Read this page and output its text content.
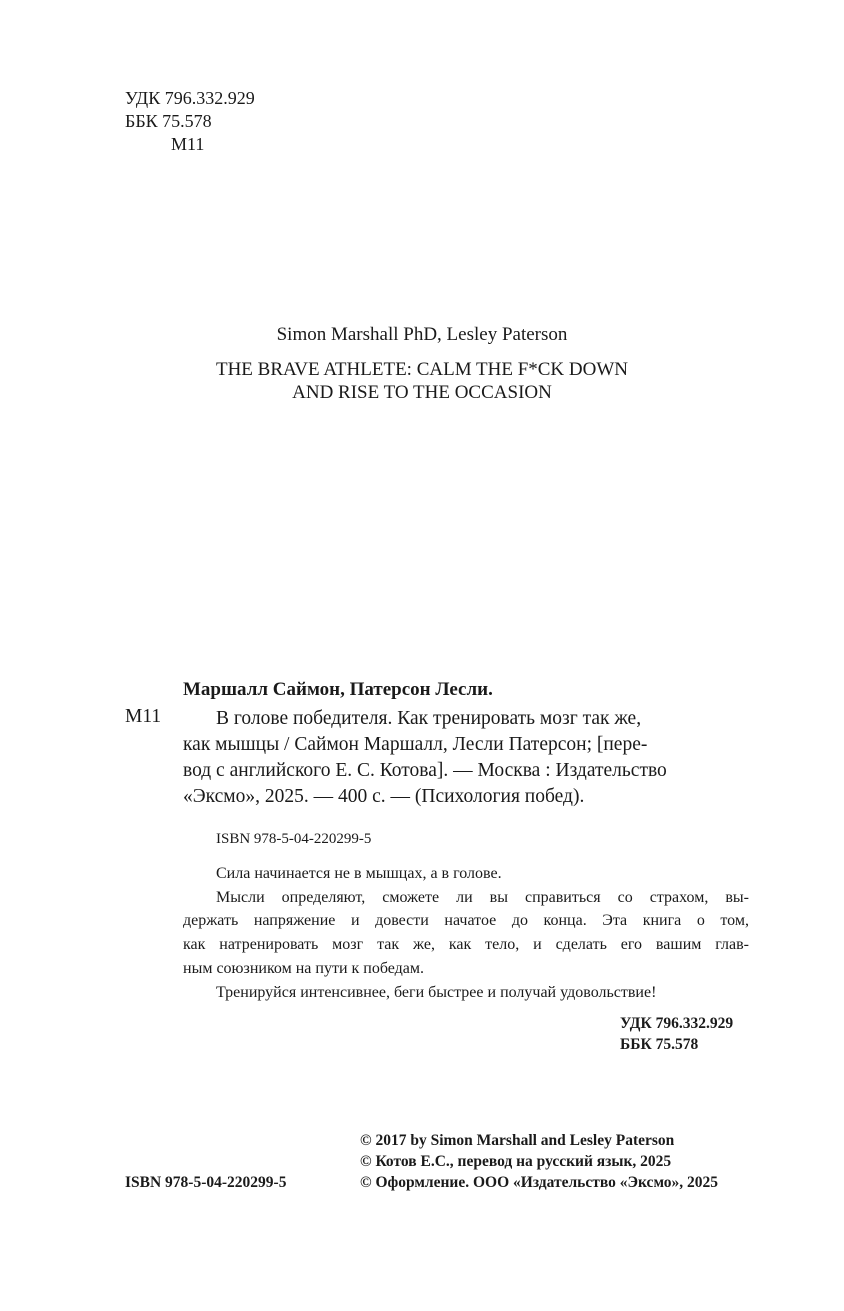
УДК 796.332.929
ББК 75.578
М11
Simon Marshall PhD, Lesley Paterson
THE BRAVE ATHLETE: CALM THE F*CK DOWN
AND RISE TO THE OCCASION
Маршалл Саймон, Патерсон Лесли.
М11	В голове победителя. Как тренировать мозг так же,
как мышцы / Саймон Маршалл, Лесли Патерсон; [пере-
вод с английского Е. С. Котова]. — Москва : Издательство
«Эксмо», 2025. — 400 с. — (Психология побед).
ISBN 978-5-04-220299-5
Сила начинается не в мышцах, а в голове.
Мысли определяют, сможете ли вы справиться со страхом, вы-
держать напряжение и довести начатое до конца. Эта книга о том,
как натренировать мозг так же, как тело, и сделать его вашим глав-
ным союзником на пути к победам.
Тренируйся интенсивнее, беги быстрее и получай удовольствие!
УДК 796.332.929
ББК 75.578
© 2017 by Simon Marshall and Lesley Paterson
© Котов Е.С., перевод на русский язык, 2025
© Оформление. ООО «Издательство «Эксмо», 2025
ISBN 978-5-04-220299-5
